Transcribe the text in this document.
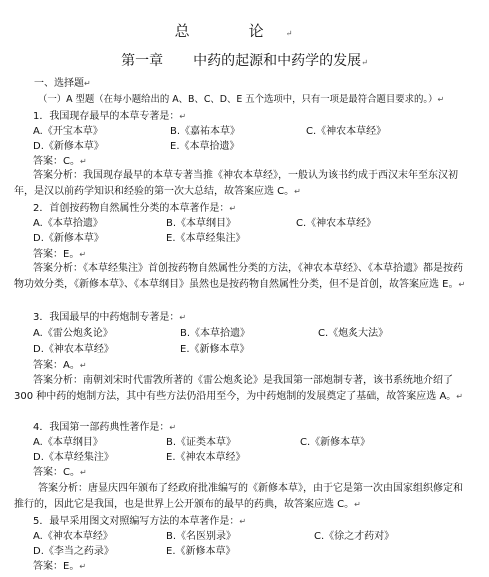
总　论↵
第一章 中药的起源和中药学的发展↵
一、选择题↵
（一）A 型题（在每小题给出的 A、B、C、D、E 五个选项中，只有一项是最符合题目要求的。）↵
1．我国现存最早的本草专著是：↵
A.《开宝本草》	B.《嘉祐本草》	C.《神农本草经》
D.《新修本草》	E.《本草拾遗》
答案：C。↵
答案分析：我国现存最早的本草专著当推《神农本草经》，一般认为该书约成于西汉末年至东汉初年，是汉以前药学知识和经验的第一次大总结，故答案应选 C。↵
2．首创按药物自然属性分类的本草著作是：↵
A.《本草拾遗》	B.《本草纲目》	C.《神农本草经》
D.《新修本草》	E.《本草经集注》
答案：E。↵
答案分析：《本草经集注》首创按药物自然属性分类的方法，《神农本草经》、《本草拾遗》都是按药物功效分类，《新修本草》、《本草纲目》虽然也是按药物自然属性分类，但不是首创，故答案应选 E。↵
3．我国最早的中药炮制专著是：↵
A.《雷公炮炙论》	B.《本草拾遗》	C.《炮炙大法》
D.《神农本草经》	E.《新修本草》
答案：A。↵
答案分析：南朝刘宋时代雷敩所著的《雷公炮炙论》是我国第一部炮制专著，该书系统地介绍了 300 种中药的炮制方法，其中有些方法仍沿用至今，为中药炮制的发展奠定了基础，故答案应选 A。↵
4．我国第一部药典性著作是：↵
A.《本草纲目》	B.《证类本草》	C.《新修本草》
D.《本草经集注》	E.《神农本草经》
答案：C。↵
答案分析：唐显庆四年颁布了经政府批准编写的《新修本草》，由于它是第一次由国家组织修定和推行的，因此它是我国，也是世界上公开颁布的最早的药典，故答案应选 C。↵
5．最早采用图文对照编写方法的本草著作是：↵
A.《神农本草经》	B.《名医别录》	C.《徐之才药对》
D.《李当之药录》	E.《新修本草》
答案：E。↵
